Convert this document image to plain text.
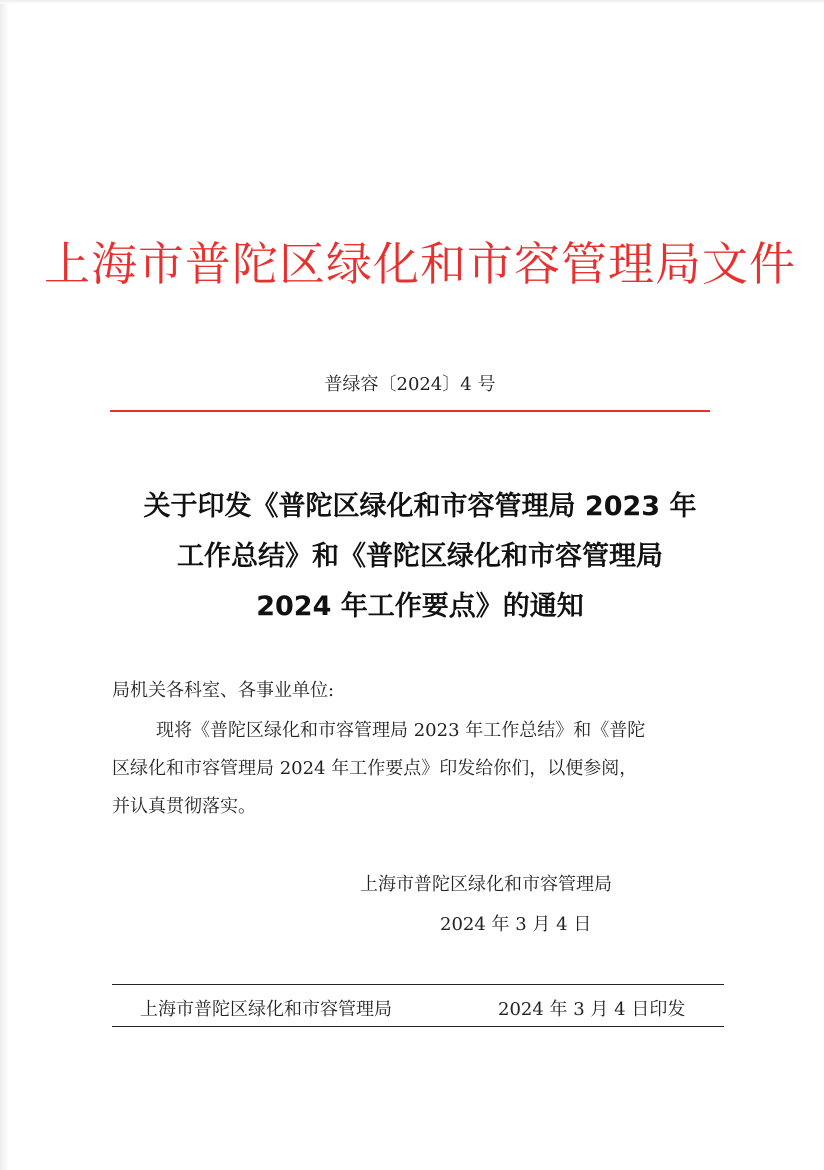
上海市普陀区绿化和市容管理局文件
普绿容〔2024〕4 号
关于印发《普陀区绿化和市容管理局 2023 年
工作总结》和《普陀区绿化和市容管理局
2024 年工作要点》的通知
局机关各科室、各事业单位:
现将《普陀区绿化和市容管理局 2023 年工作总结》和《普陀
区绿化和市容管理局 2024 年工作要点》印发给你们，以便参阅，
并认真贯彻落实。
上海市普陀区绿化和市容管理局
2024 年 3 月 4 日
上海市普陀区绿化和市容管理局	2024 年 3 月 4 日印发
